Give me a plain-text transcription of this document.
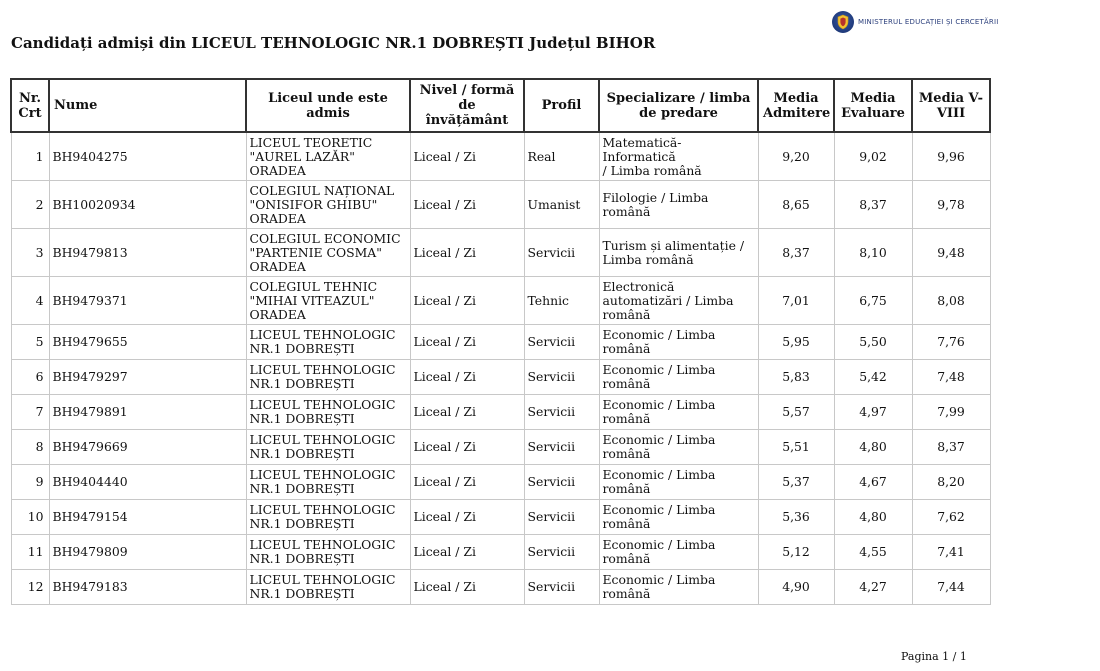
MINISTERUL EDUCAȚIEI ȘI CERCETĂRII
Candidați admiși din LICEUL TEHNOLOGIC NR.1 DOBREȘTI Județul BIHOR
Nr.
Crt	Nume	Liceul unde este
admis	Nivel / formă
de învățământ	Profil	Specializare / limba
de predare	Media
Admitere	Media
Evaluare	Media V-
VIII
1	BH9404275	LICEUL TEORETIC
"AUREL LAZĂR"
ORADEA	Liceal / Zi	Real	Matematică-Informatică
/ Limba română	9,20	9,02	9,96
2	BH10020934	COLEGIUL NAȚIONAL
"ONISIFOR GHIBU"
ORADEA	Liceal / Zi	Umanist	Filologie / Limba
română	8,65	8,37	9,78
3	BH9479813	COLEGIUL ECONOMIC
"PARTENIE COSMA"
ORADEA	Liceal / Zi	Servicii	Turism și alimentație /
Limba română	8,37	8,10	9,48
4	BH9479371	COLEGIUL TEHNIC
"MIHAI VITEAZUL"
ORADEA	Liceal / Zi	Tehnic	Electronică
automatizări / Limba
română	7,01	6,75	8,08
5	BH9479655	LICEUL TEHNOLOGIC
NR.1 DOBREȘTI	Liceal / Zi	Servicii	Economic / Limba
română	5,95	5,50	7,76
6	BH9479297	LICEUL TEHNOLOGIC
NR.1 DOBREȘTI	Liceal / Zi	Servicii	Economic / Limba
română	5,83	5,42	7,48
7	BH9479891	LICEUL TEHNOLOGIC
NR.1 DOBREȘTI	Liceal / Zi	Servicii	Economic / Limba
română	5,57	4,97	7,99
8	BH9479669	LICEUL TEHNOLOGIC
NR.1 DOBREȘTI	Liceal / Zi	Servicii	Economic / Limba
română	5,51	4,80	8,37
9	BH9404440	LICEUL TEHNOLOGIC
NR.1 DOBREȘTI	Liceal / Zi	Servicii	Economic / Limba
română	5,37	4,67	8,20
10	BH9479154	LICEUL TEHNOLOGIC
NR.1 DOBREȘTI	Liceal / Zi	Servicii	Economic / Limba
română	5,36	4,80	7,62
11	BH9479809	LICEUL TEHNOLOGIC
NR.1 DOBREȘTI	Liceal / Zi	Servicii	Economic / Limba
română	5,12	4,55	7,41
12	BH9479183	LICEUL TEHNOLOGIC
NR.1 DOBREȘTI	Liceal / Zi	Servicii	Economic / Limba
română	4,90	4,27	7,44
Pagina 1 / 1
